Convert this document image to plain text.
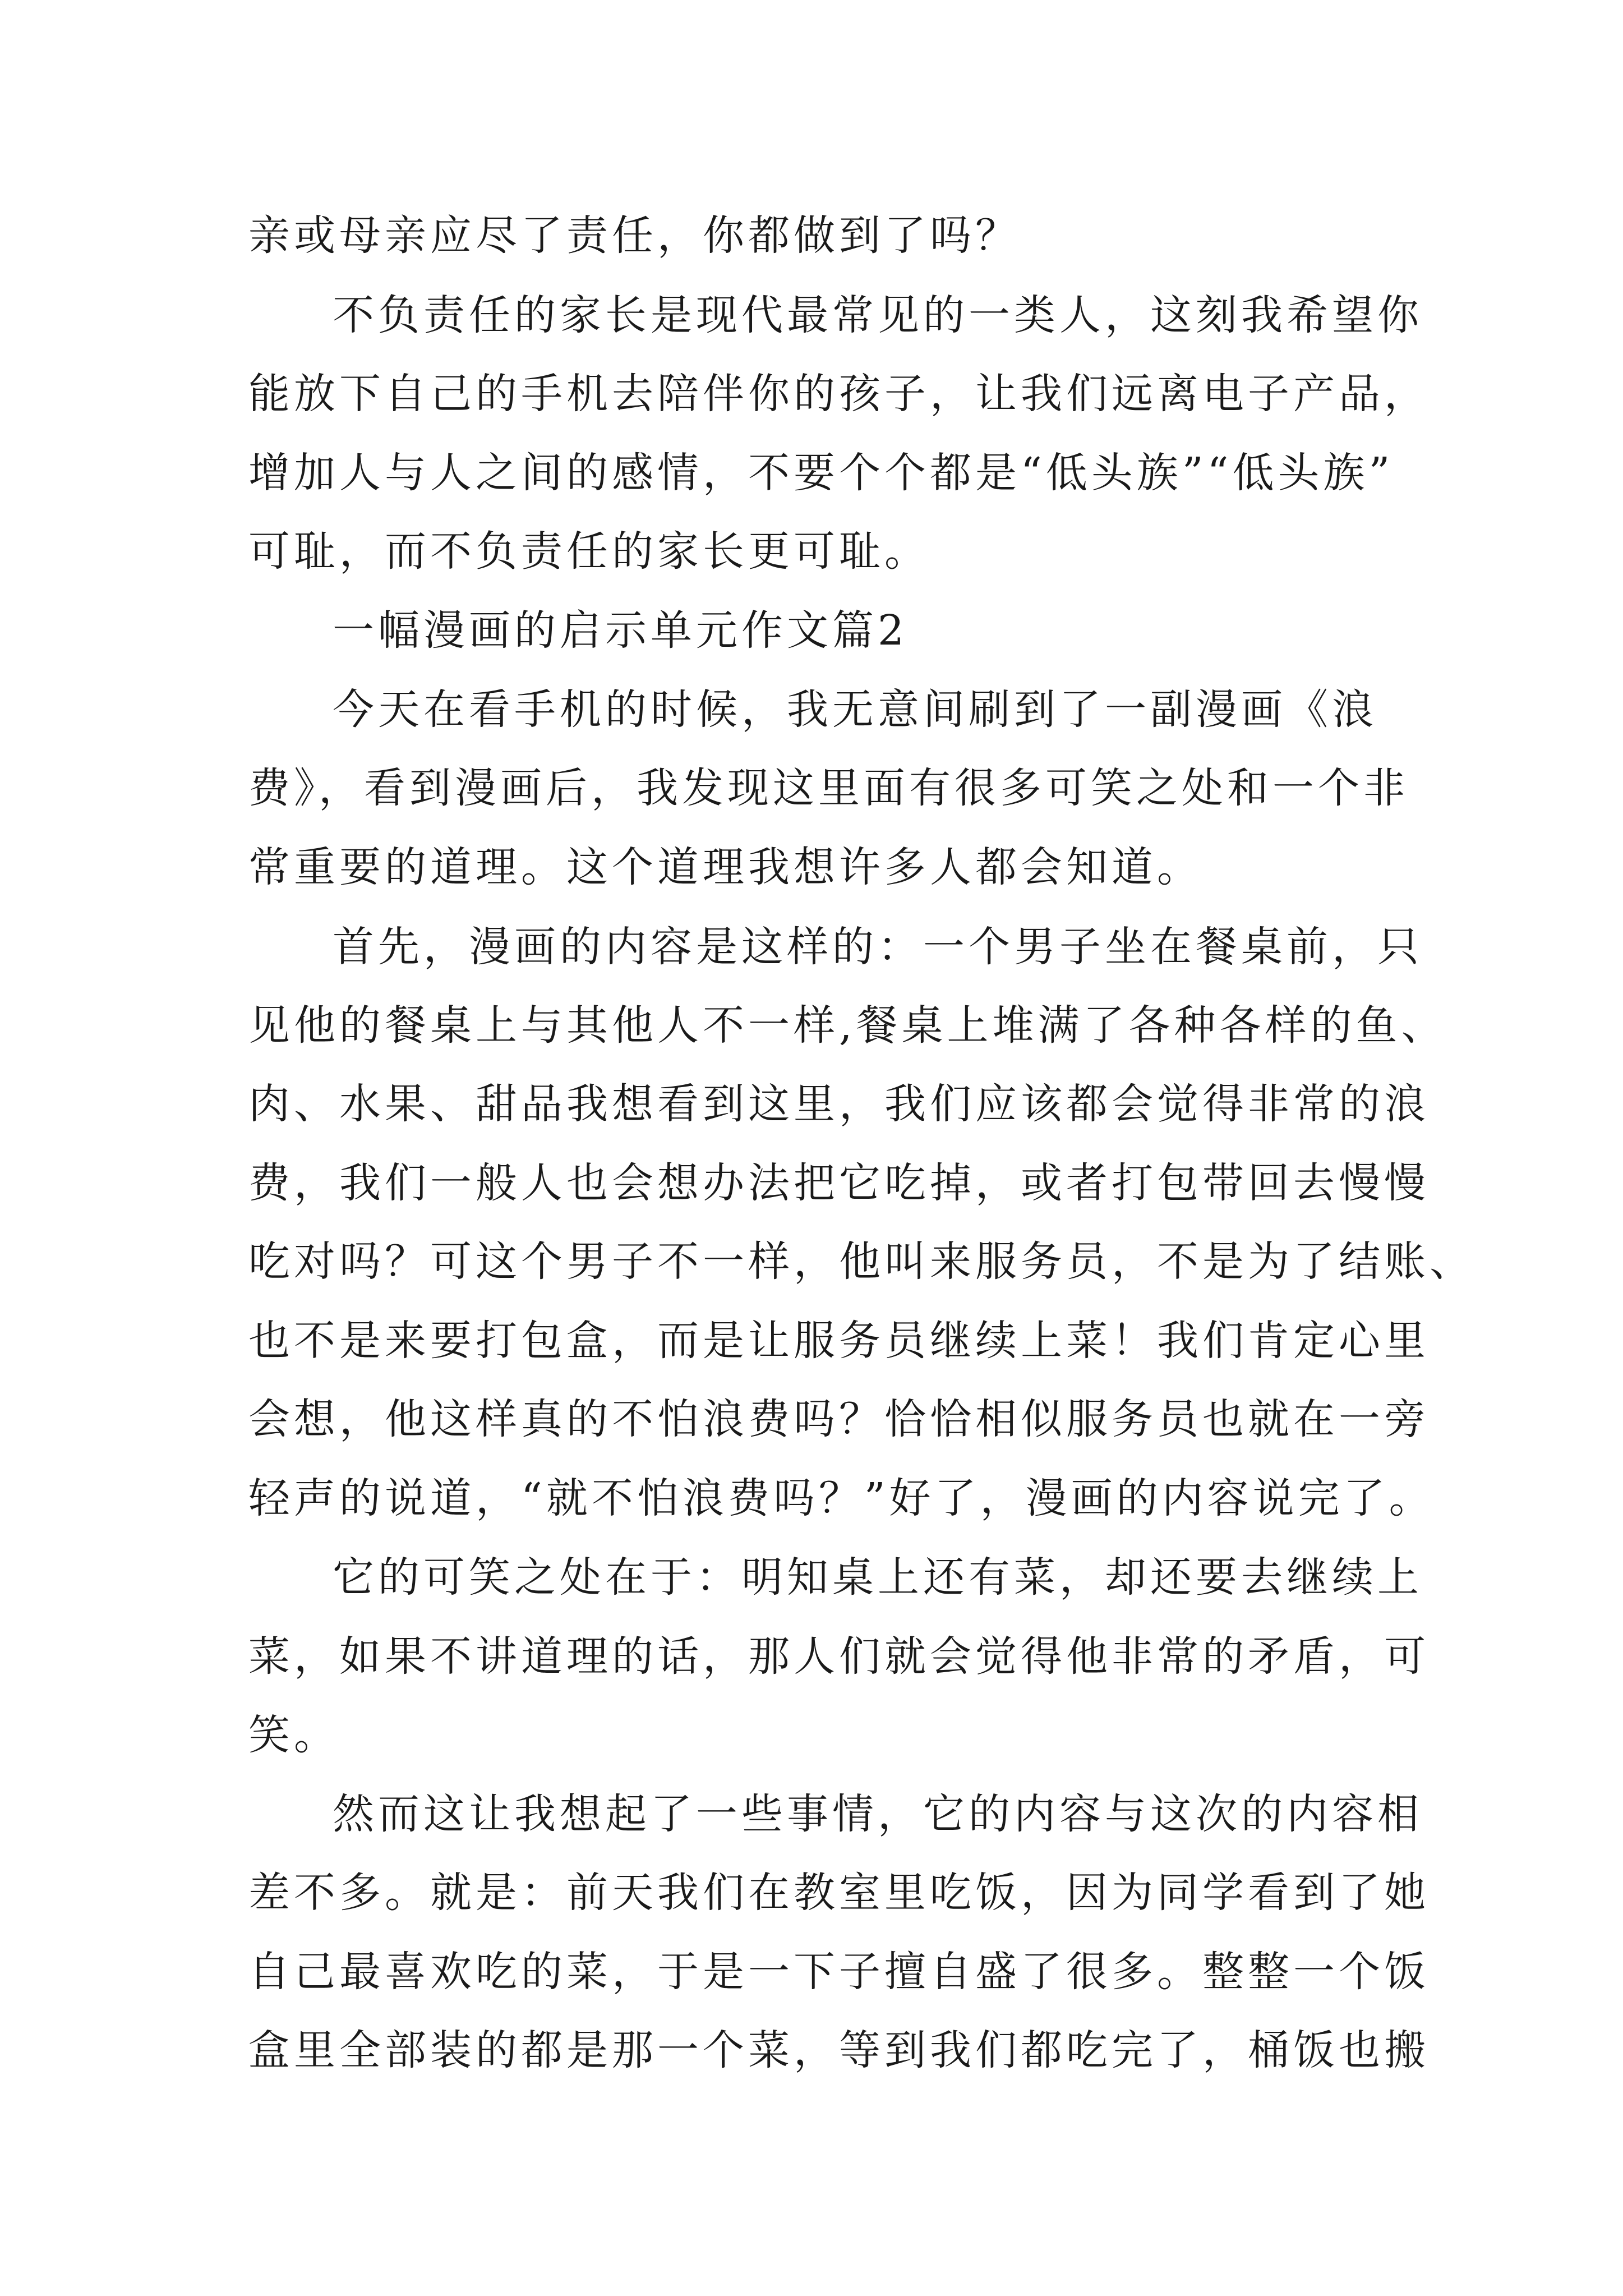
亲或母亲应尽了责任，你都做到了吗？
不负责任的家长是现代最常见的一类人，这刻我希望你
能放下自己的手机去陪伴你的孩子，让我们远离电子产品，
增加人与人之间的感情，不要个个都是“低头族”“低头族”
可耻，而不负责任的家长更可耻。
一幅漫画的启示单元作文篇2
今天在看手机的时候，我无意间刷到了一副漫画《浪
费》，看到漫画后，我发现这里面有很多可笑之处和一个非
常重要的道理。这个道理我想许多人都会知道。
首先，漫画的内容是这样的：一个男子坐在餐桌前，只
见他的餐桌上与其他人不一样,餐桌上堆满了各种各样的鱼、
肉、水果、甜品我想看到这里，我们应该都会觉得非常的浪
费，我们一般人也会想办法把它吃掉，或者打包带回去慢慢
吃对吗？可这个男子不一样，他叫来服务员，不是为了结账、
也不是来要打包盒，而是让服务员继续上菜！我们肯定心里
会想，他这样真的不怕浪费吗？恰恰相似服务员也就在一旁
轻声的说道，“就不怕浪费吗？”好了，漫画的内容说完了。
它的可笑之处在于：明知桌上还有菜，却还要去继续上
菜，如果不讲道理的话，那人们就会觉得他非常的矛盾，可
笑。
然而这让我想起了一些事情，它的内容与这次的内容相
差不多。就是：前天我们在教室里吃饭，因为同学看到了她
自己最喜欢吃的菜，于是一下子擅自盛了很多。整整一个饭
盒里全部装的都是那一个菜，等到我们都吃完了，桶饭也搬
